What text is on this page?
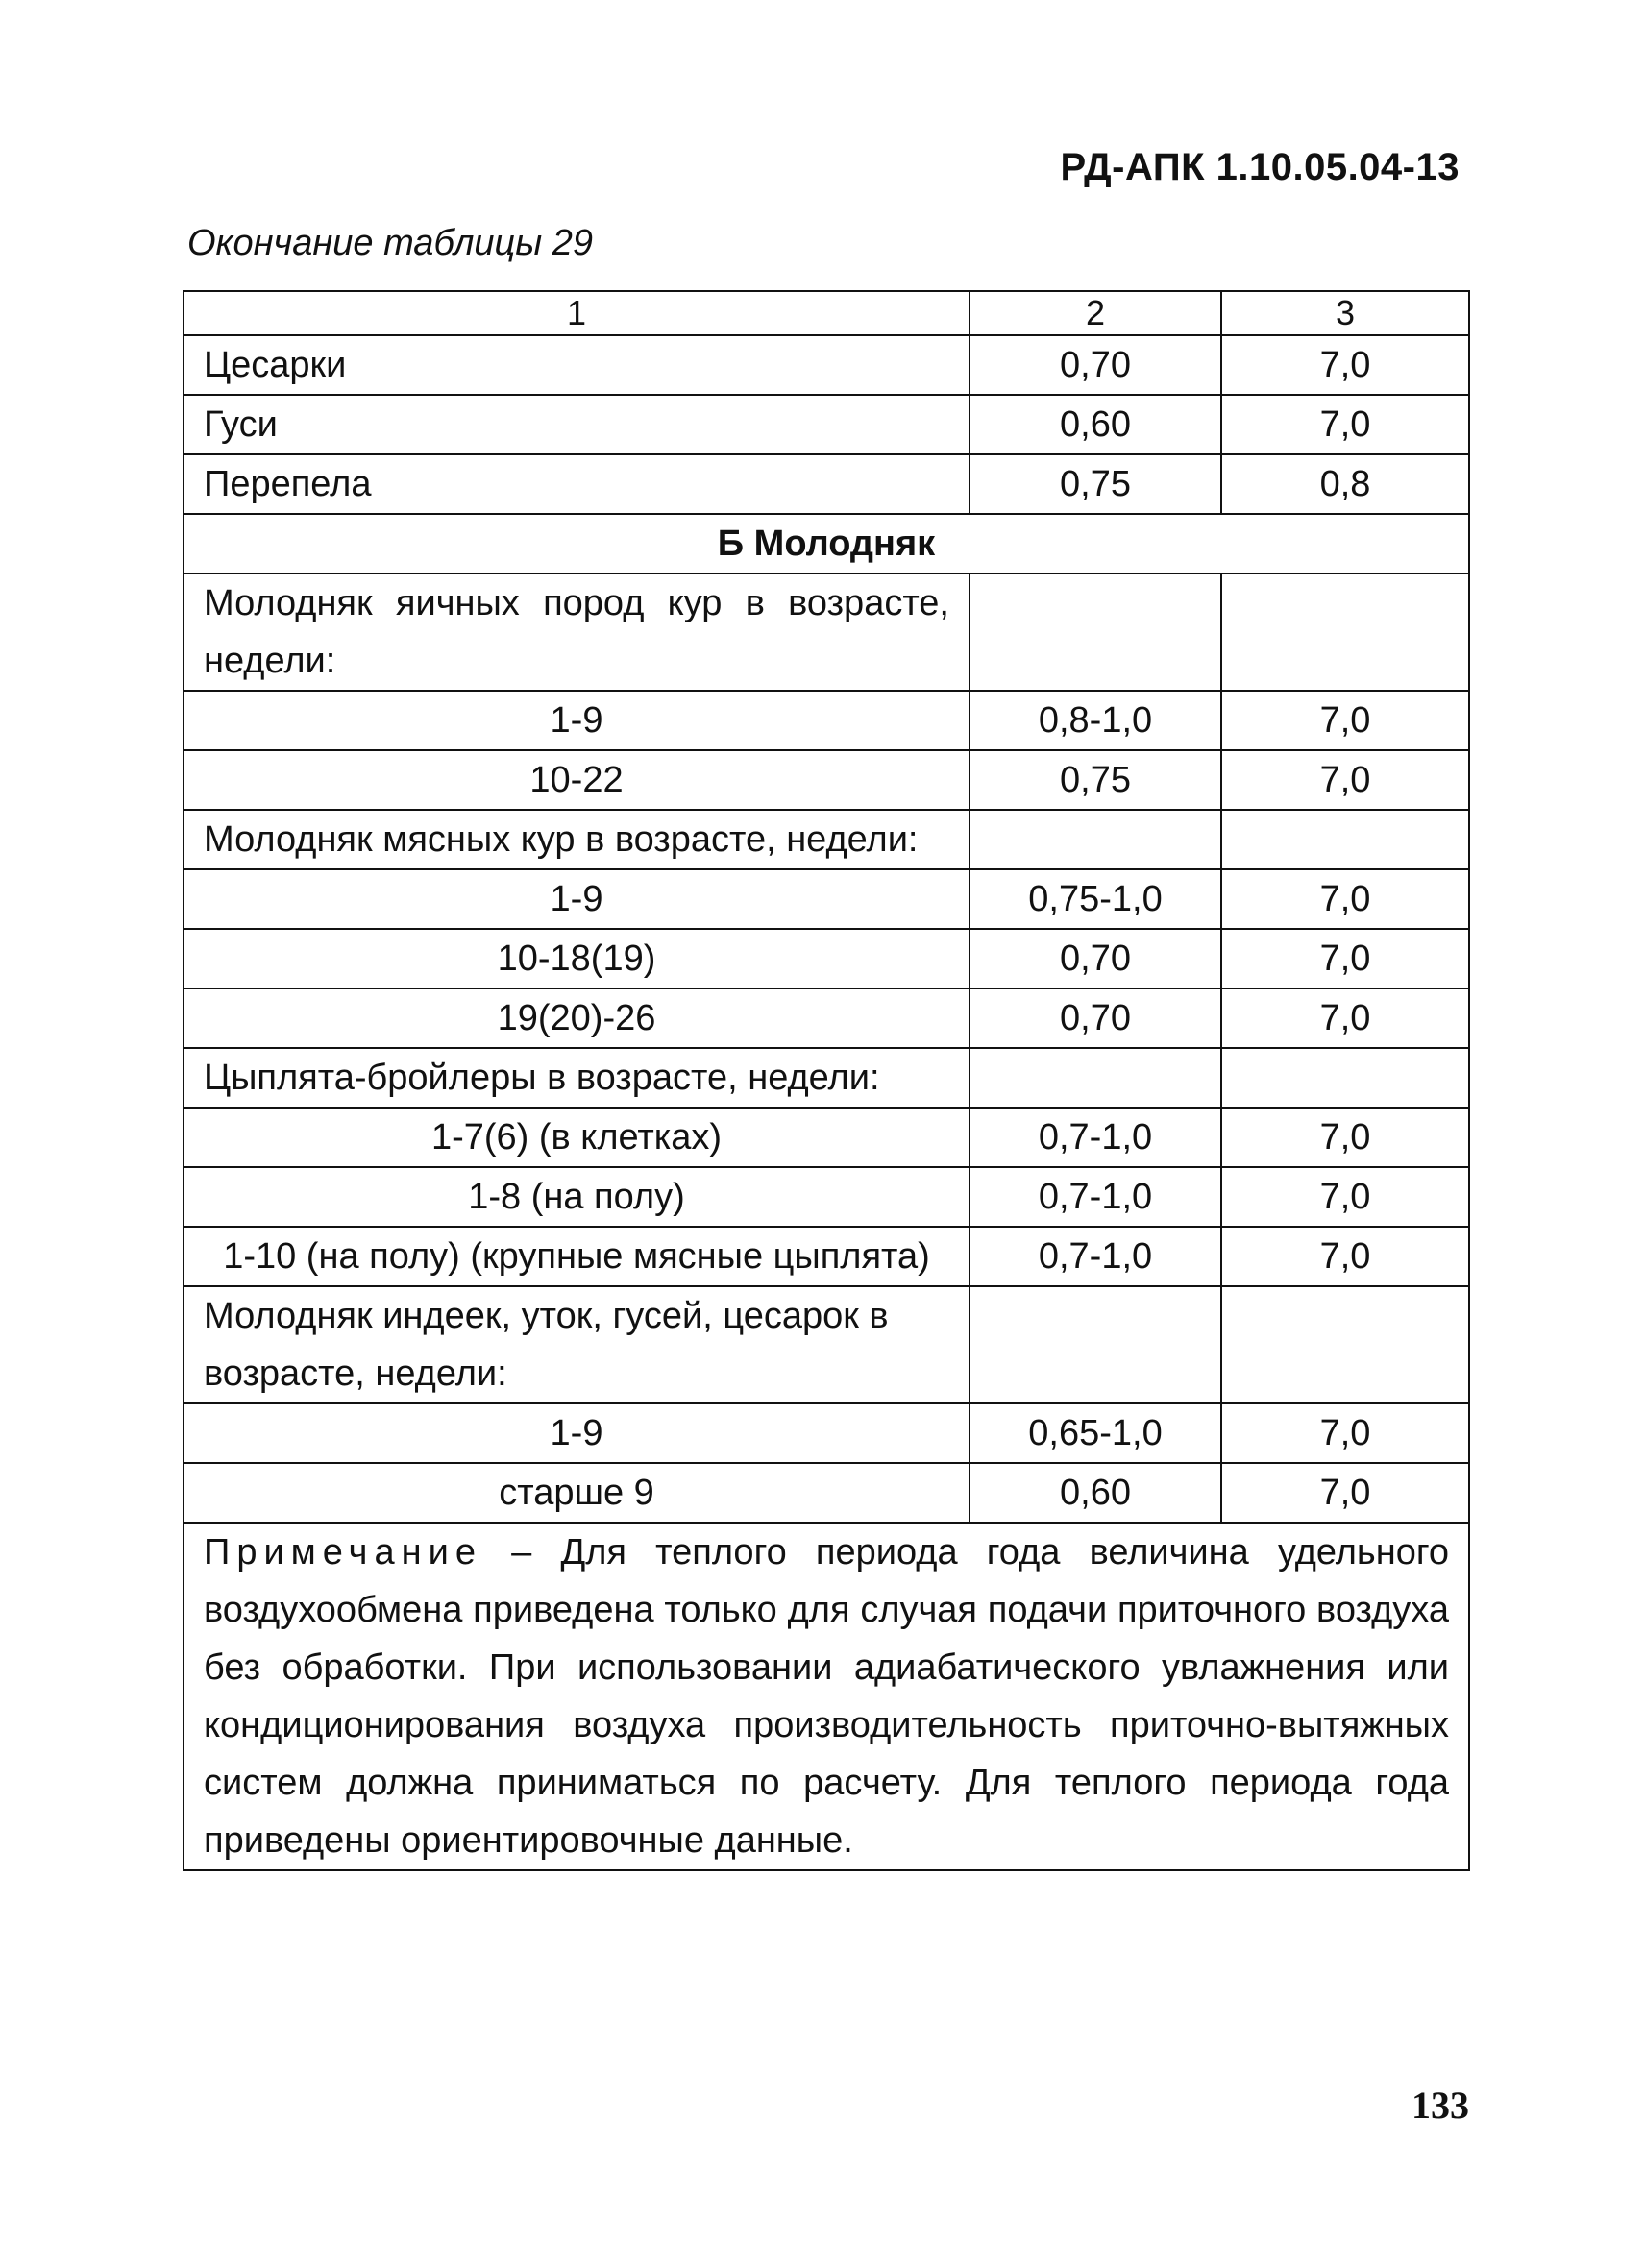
РД-АПК 1.10.05.04-13
Окончание таблицы 29
1	2	3
Цесарки	0,70	7,0
Гуси	0,60	7,0
Перепела	0,75	0,8
Б Молодняк		
Молодняк яичных пород кур в возрасте, недели:		
1-9	0,8-1,0	7,0
10-22	0,75	7,0
Молодняк мясных кур в возрасте, недели:		
1-9	0,75-1,0	7,0
10-18(19)	0,70	7,0
19(20)-26	0,70	7,0
Цыплята-бройлеры в возрасте, недели:		
1-7(6) (в клетках)	0,7-1,0	7,0
1-8 (на полу)	0,7-1,0	7,0
1-10 (на полу) (крупные мясные цыплята)	0,7-1,0	7,0
Молодняк индеек, уток, гусей, цесарок в возрасте, недели:		
1-9	0,65-1,0	7,0
старше 9	0,60	7,0
Примечание – Для теплого периода года величина удельного воздухообмена приведена только для случая подачи приточного воздуха без обработки. При использовании адиабатического увлажнения или кондиционирования воздуха производительность приточно-вытяжных систем должна приниматься по расчету. Для теплого периода года приведены ориентировочные данные.		
133
